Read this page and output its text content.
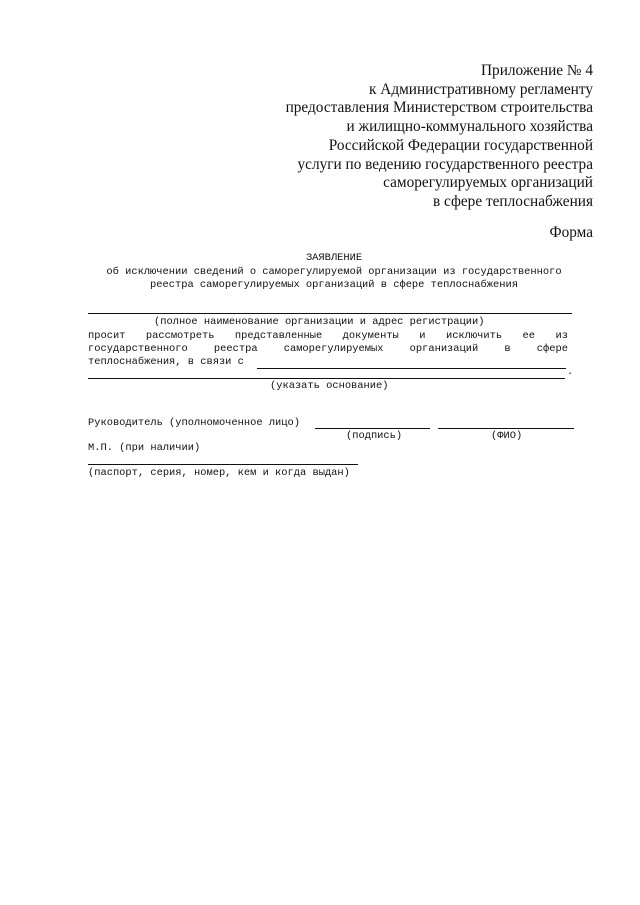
Приложение № 4
к Административному регламенту
предоставления Министерством строительства
и жилищно-коммунального хозяйства
Российской Федерации государственной
услуги по ведению государственного реестра
саморегулируемых организаций
в сфере теплоснабжения
Форма
ЗАЯВЛЕНИЕ
об исключении сведений о саморегулируемой организации из государственного
реестра саморегулируемых организаций в сфере теплоснабжения
(полное наименование организации и адрес регистрации)
просит рассмотреть представленные документы и исключить ее из
государственного	реестра	саморегулируемых	организаций	в	сфере
теплоснабжения, в связи с
.
(указать основание)
Руководитель (уполномоченное лицо)
(подпись)	(ФИО)
М.П. (при наличии)
(паспорт, серия, номер, кем и когда выдан)
